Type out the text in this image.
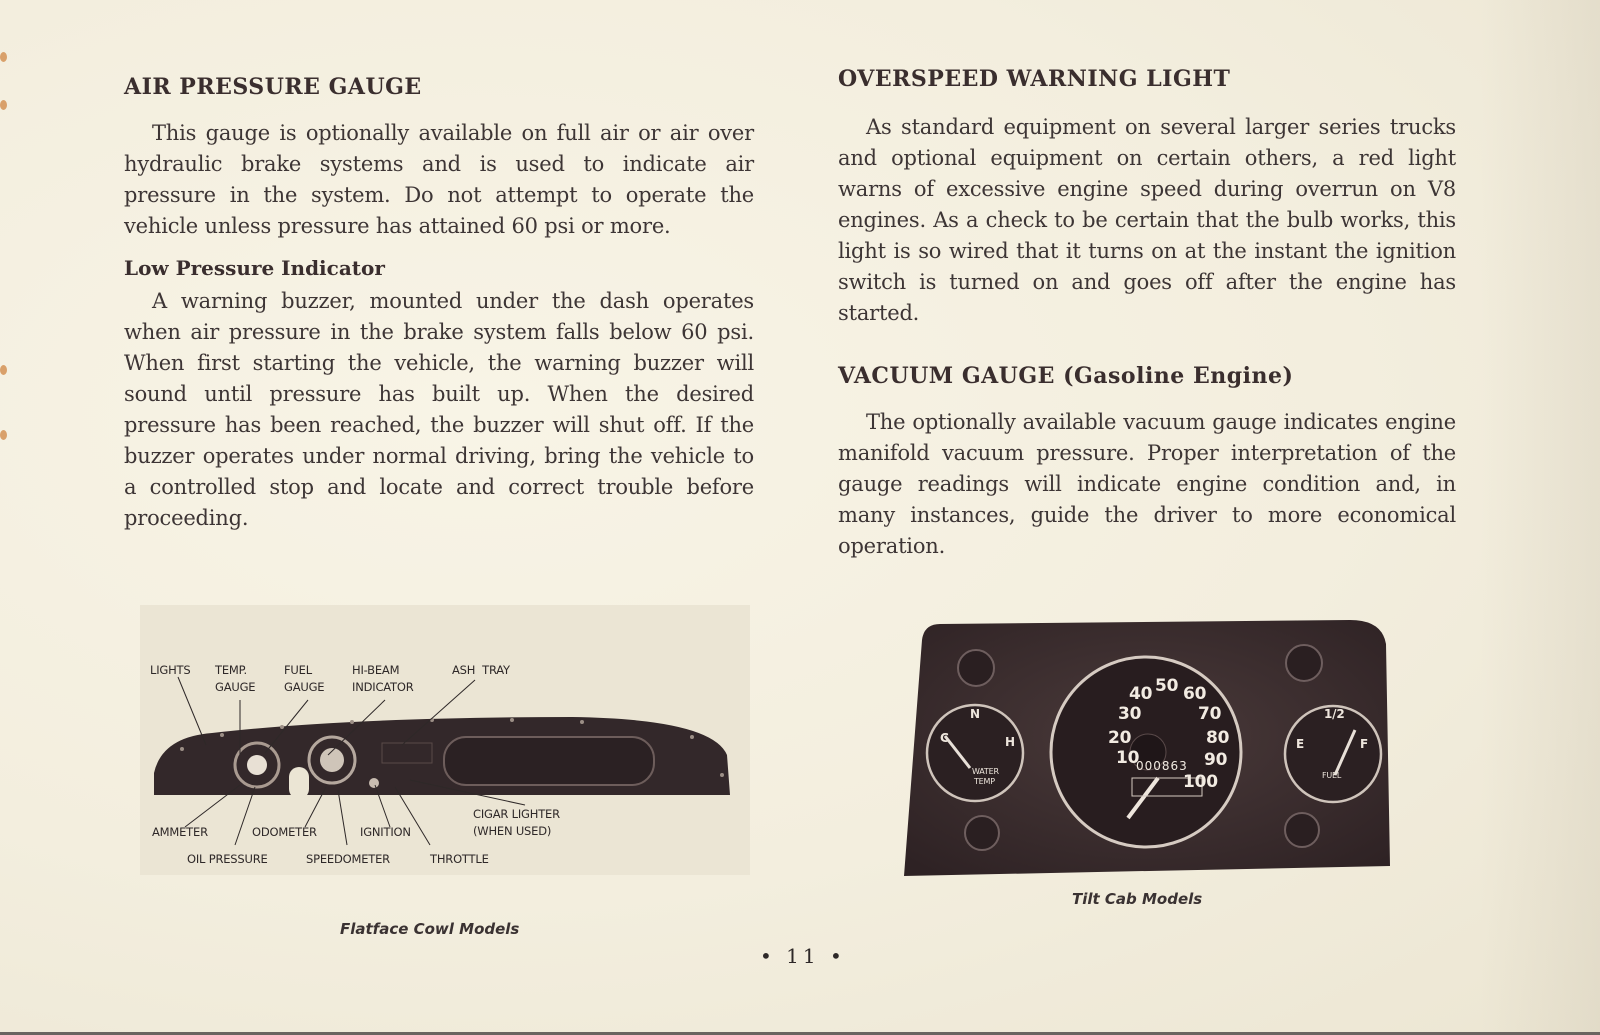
AIR PRESSURE GAUGE

This gauge is optionally available on full air or air over hydraulic brake systems and is used to indicate air pressure in the system. Do not attempt to operate the vehicle unless pressure has attained 60 psi or more.

Low Pressure Indicator

A warning buzzer, mounted under the dash operates when air pressure in the brake system falls below 60 psi. When first starting the vehicle, the warning buzzer will sound until pressure has built up. When the desired pressure has been reached, the buzzer will shut off. If the buzzer operates under normal driving, bring the vehicle to a controlled stop and locate and correct trouble before proceeding.

LIGHTS TEMP.
GAUGE
FUEL
GAUGE
HI-BEAM
INDICATOR
ASH  TRAY
AMMETER	ODOMETER	IGNITION
CIGAR LIGHTER
(WHEN USED)
OIL PRESSURE	SPEEDOMETER	THROTTLE
Flatface Cowl Models
OVERSPEED WARNING LIGHT

As standard equipment on several larger series trucks and optional equipment on certain others, a red light warns of excessive engine speed during overrun on V8 engines. As a check to be certain that the bulb works, this light is so wired that it turns on at the instant the ignition switch is turned on and goes off after the engine has started.

VACUUM GAUGE (Gasoline Engine)

The optionally available vacuum gauge indicates engine manifold vacuum pressure. Proper interpretation of the gauge readings will indicate engine condition and, in many instances, guide the driver to more economical operation.

N
C	H
WATER
TEMP
10
20
30
40 50 60
70
80
90
100
000863
1/2
E	F
FUEL
Tilt Cab Models
• 11 •
